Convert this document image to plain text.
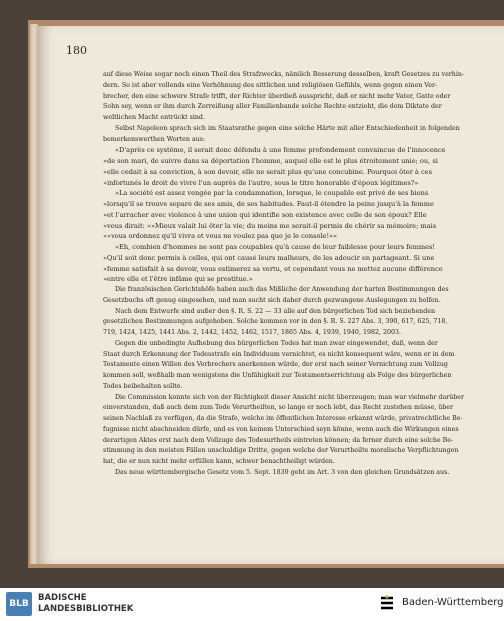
180
auf diese Weise sogar noch einen Theil des Strafzwecks, nämlich Besserung desselben, kraft Gesetzes zu verhin-
dern. So ist aber vollends eine Verhöhnung des sittlichen und religiösen Gefühls, wenn gegen einen Ver-
brecher, den eine schwere Strafe trifft, der Richter überdieß ausspricht, daß er nicht mehr Vater, Gatte oder
Sohn sey, wenn er ihm durch Zerreißung aller Familienbande solche Rechte entzieht, die dem Diktate der
weltlichen Macht entrückt sind.
Selbst Napoleon sprach sich im Staatsrathe gegen eine solche Härte mit aller Entschiedenheit in folgenden
bemerkenswerthen Worten aus:
«D'après ce système, il serait donc défendu à une femme profondement convaincue de l'innocence
»de son mari, de suivre dans sa déportation l'homme, auquel elle est le plus étroitement unie; ou, si
»elle cedait à sa conviction, à son devoir, elle ne serait plus qu'une concubine. Pourquoi ôter à ces
»infortunés le droit de vivre l'un auprès de l'autre, sous le titre honorable d'époux légitimes?»
»La société est assez vengée par la condamnation, lorsque, le coupable est privé de ses biens
»lorsqu'il se trouve separé de ses amis, de ses habitudes. Faut-il étendre la peine jusqu'à la femme
»et l'arracher avec violence à une union qui identifie son existence avec celle de son époux? Elle
»vous dirait: «»Mieux valait lui ôter la vie; du moins me serait-il permis de chérir sa mémoire; mais
»»vous ordonnez qu'il vivra et vous ne voulez pas que je le console!««
»Eh, combien d'hommes ne sont pas coupables qu'à cause de leur faiblesse pour leurs femmes!
»Qu'il soit donc permis à celles, qui ont causé leurs malheurs, de les adoucir en partageant. Si une
»femme satisfait à sa devoir, vous estimerez sa vertu, et cependant vous ne mettez aucune différence
»entre elle et l'être infâme qui se prostitue.»
Die französischen Gerichtshöfe haben auch das Mißliche der Anwendung der harten Bestimmungen des
Gesetzbuchs oft genug eingesehen, und man sucht sich daher durch gezwungene Auslegungen zu helfen.
Nach dem Entwurfe sind außer den §. R. S. 22 — 33 alle auf den bürgerlichen Tod sich beziehenden
gesetzlichen Bestimmungen aufgehoben. Solche kommen vor in den §. R. S. 227 Abs. 3, 390, 617, 625, 718,
719, 1424, 1425, 1441 Abs. 2, 1442, 1452, 1462, 1517, 1865 Abs. 4, 1939, 1940, 1982, 2003.
Gegen die unbedingte Aufhebung des bürgerlichen Todes hat man zwar eingewendet, daß, wenn der
Staat durch Erkennung der Todesstrafe ein Individuum vernichtet, es nicht konsequent wäre, wenn er in dem
Testamente einen Willen des Verbrechers anerkennen würde, der erst nach seiner Vernichtung zum Vollzug
kommen soll, weßhalb man wenigstens die Unfähigkeit zur Testamentserrichtung als Folge des bürgerlichen
Todes beibehalten sollte.
Die Commission konnte sich von der Richtigkeit dieser Ansicht nicht überzeugen; man war vielmehr darüber
einverstanden, daß auch dem zum Tode Verurtheilten, so lange er noch lebt, das Recht zustehen müsse, über
seinen Nachlaß zu verfügen, da die Strafe, welche im öffentlichen Interesse erkannt würde, privatrechtliche Be-
fugnisse nicht abschneiden dürfe, und es von keinem Unterschied seyn könne, wenn auch die Wirkungen eines
derartigen Aktes erst nach dem Vollzuge des Todesurtheils eintreten können; da ferner durch eine solche Be-
stimmung in den meisten Fällen unschuldige Dritte, gegen welche der Verurtheilte moralische Verpflichtungen
hat, die er nun nicht mehr erfüllen kann, schwer benachtheiligt würden.
Das neue württembergische Gesetz vom 5. Sept. 1839 geht im Art. 3 von den gleichen Grundsätzen aus.
BLB
BADISCHE
LANDESBIBLIOTHEK
Baden-Württemberg
